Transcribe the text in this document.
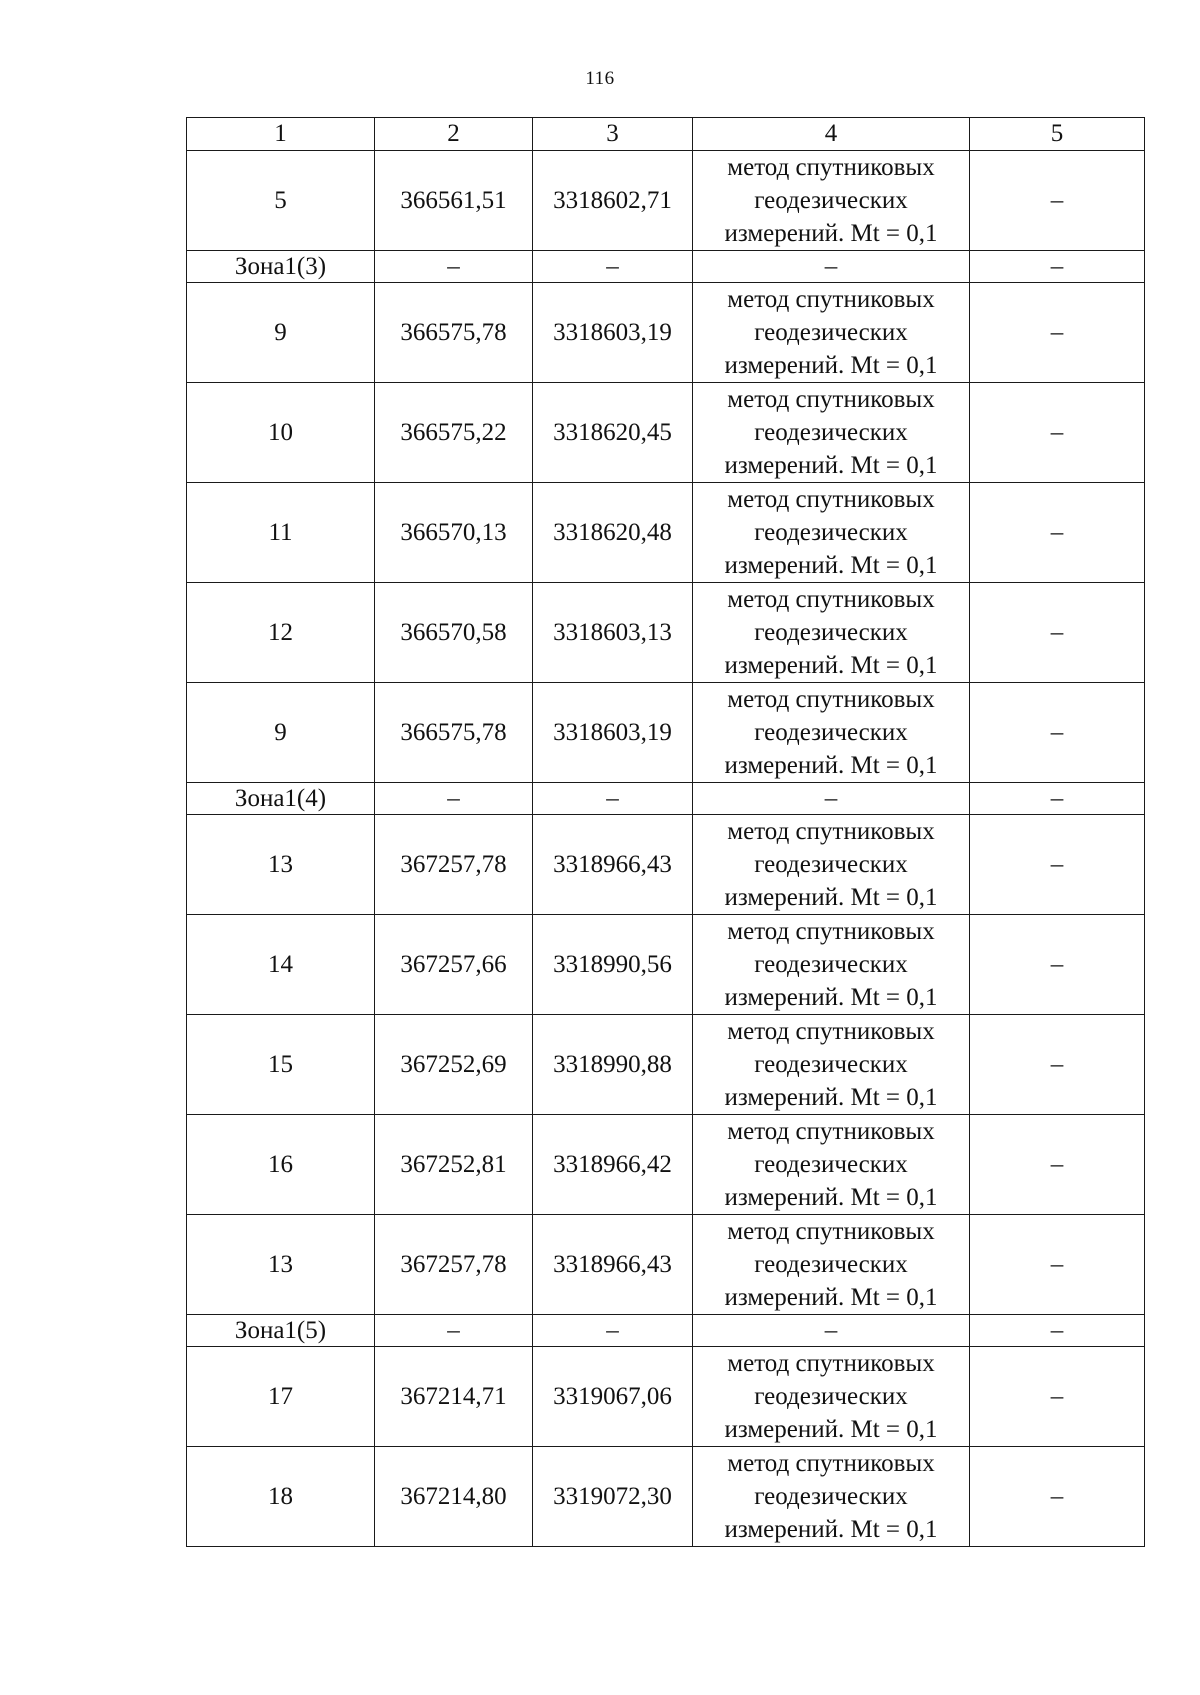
116
1	2	3	4	5
5	366561,51	3318602,71	метод спутниковых
геодезических
измерений. Mt = 0,1	–
Зона1(3)	–	–	–	–
9	366575,78	3318603,19	метод спутниковых
геодезических
измерений. Mt = 0,1	–
10	366575,22	3318620,45	метод спутниковых
геодезических
измерений. Mt = 0,1	–
11	366570,13	3318620,48	метод спутниковых
геодезических
измерений. Mt = 0,1	–
12	366570,58	3318603,13	метод спутниковых
геодезических
измерений. Mt = 0,1	–
9	366575,78	3318603,19	метод спутниковых
геодезических
измерений. Mt = 0,1	–
Зона1(4)	–	–	–	–
13	367257,78	3318966,43	метод спутниковых
геодезических
измерений. Mt = 0,1	–
14	367257,66	3318990,56	метод спутниковых
геодезических
измерений. Mt = 0,1	–
15	367252,69	3318990,88	метод спутниковых
геодезических
измерений. Mt = 0,1	–
16	367252,81	3318966,42	метод спутниковых
геодезических
измерений. Mt = 0,1	–
13	367257,78	3318966,43	метод спутниковых
геодезических
измерений. Mt = 0,1	–
Зона1(5)	–	–	–	–
17	367214,71	3319067,06	метод спутниковых
геодезических
измерений. Mt = 0,1	–
18	367214,80	3319072,30	метод спутниковых
геодезических
измерений. Mt = 0,1	–
